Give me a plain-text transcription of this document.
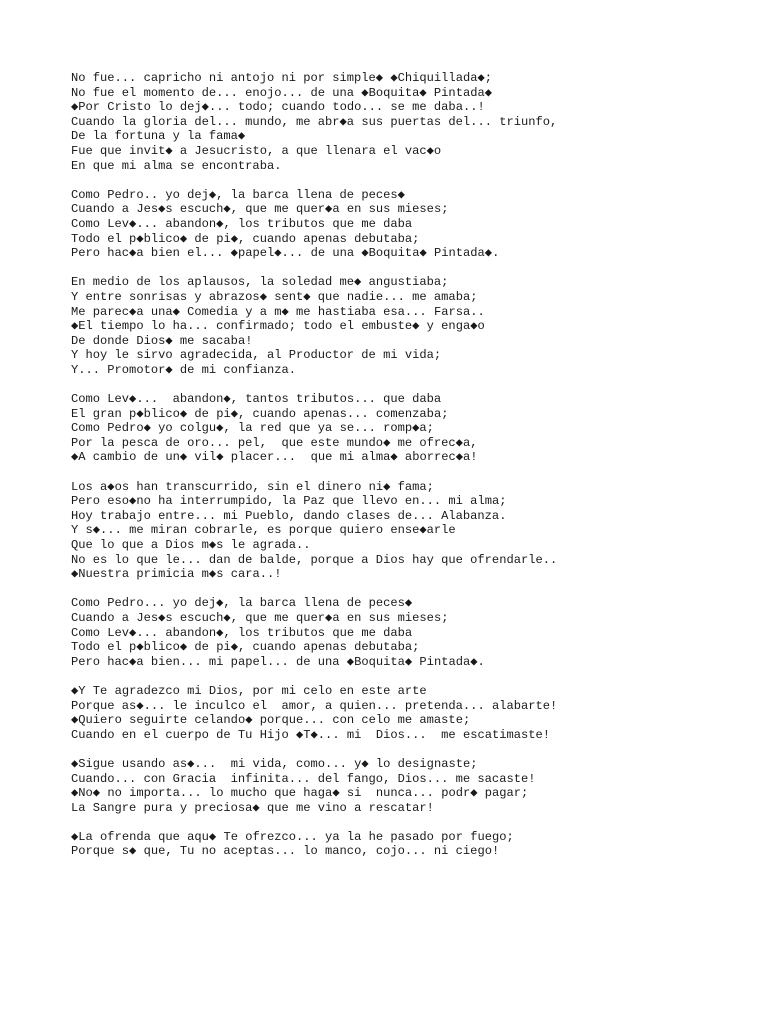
No fue... capricho ni antojo ni por simple◆ ◆Chiquillada◆;
No fue el momento de... enojo... de una ◆Boquita◆ Pintada◆
◆Por Cristo lo dej◆... todo; cuando todo... se me daba..!
Cuando la gloria del... mundo, me abr◆a sus puertas del... triunfo,
De la fortuna y la fama◆
Fue que invit◆ a Jesucristo, a que llenara el vac◆o
En que mi alma se encontraba.
Como Pedro.. yo dej◆, la barca llena de peces◆
Cuando a Jes◆s escuch◆, que me quer◆a en sus mieses;
Como Lev◆... abandon◆, los tributos que me daba
Todo el p◆blico◆ de pi◆, cuando apenas debutaba;
Pero hac◆a bien el... ◆papel◆... de una ◆Boquita◆ Pintada◆.
En medio de los aplausos, la soledad me◆ angustiaba;
Y entre sonrisas y abrazos◆ sent◆ que nadie... me amaba;
Me parec◆a una◆ Comedia y a m◆ me hastiaba esa... Farsa..
◆El tiempo lo ha... confirmado; todo el embuste◆ y enga◆o
De donde Dios◆ me sacaba!
Y hoy le sirvo agradecida, al Productor de mi vida;
Y... Promotor◆ de mi confianza.
Como Lev◆...  abandon◆, tantos tributos... que daba
El gran p◆blico◆ de pi◆, cuando apenas... comenzaba;
Como Pedro◆ yo colgu◆, la red que ya se... romp◆a;
Por la pesca de oro... pel,  que este mundo◆ me ofrec◆a,
◆A cambio de un◆ vil◆ placer...  que mi alma◆ aborrec◆a!
Los a◆os han transcurrido, sin el dinero ni◆ fama;
Pero eso◆no ha interrumpido, la Paz que llevo en... mi alma;
Hoy trabajo entre... mi Pueblo, dando clases de... Alabanza.
Y s◆... me miran cobrarle, es porque quiero ense◆arle
Que lo que a Dios m◆s le agrada..
No es lo que le... dan de balde, porque a Dios hay que ofrendarle..
◆Nuestra primicia m◆s cara..!
Como Pedro... yo dej◆, la barca llena de peces◆
Cuando a Jes◆s escuch◆, que me quer◆a en sus mieses;
Como Lev◆... abandon◆, los tributos que me daba
Todo el p◆blico◆ de pi◆, cuando apenas debutaba;
Pero hac◆a bien... mi papel... de una ◆Boquita◆ Pintada◆.
◆Y Te agradezco mi Dios, por mi celo en este arte
Porque as◆... le inculco el  amor, a quien... pretenda... alabarte!
◆Quiero seguirte celando◆ porque... con celo me amaste;
Cuando en el cuerpo de Tu Hijo ◆T◆... mi  Dios...  me escatimaste!
◆Sigue usando as◆...  mi vida, como... y◆ lo designaste;
Cuando... con Gracia  infinita... del fango, Dios... me sacaste!
◆No◆ no importa... lo mucho que haga◆ si  nunca... podr◆ pagar;
La Sangre pura y preciosa◆ que me vino a rescatar!
◆La ofrenda que aqu◆ Te ofrezco... ya la he pasado por fuego;
Porque s◆ que, Tu no aceptas... lo manco, cojo... ni ciego!
